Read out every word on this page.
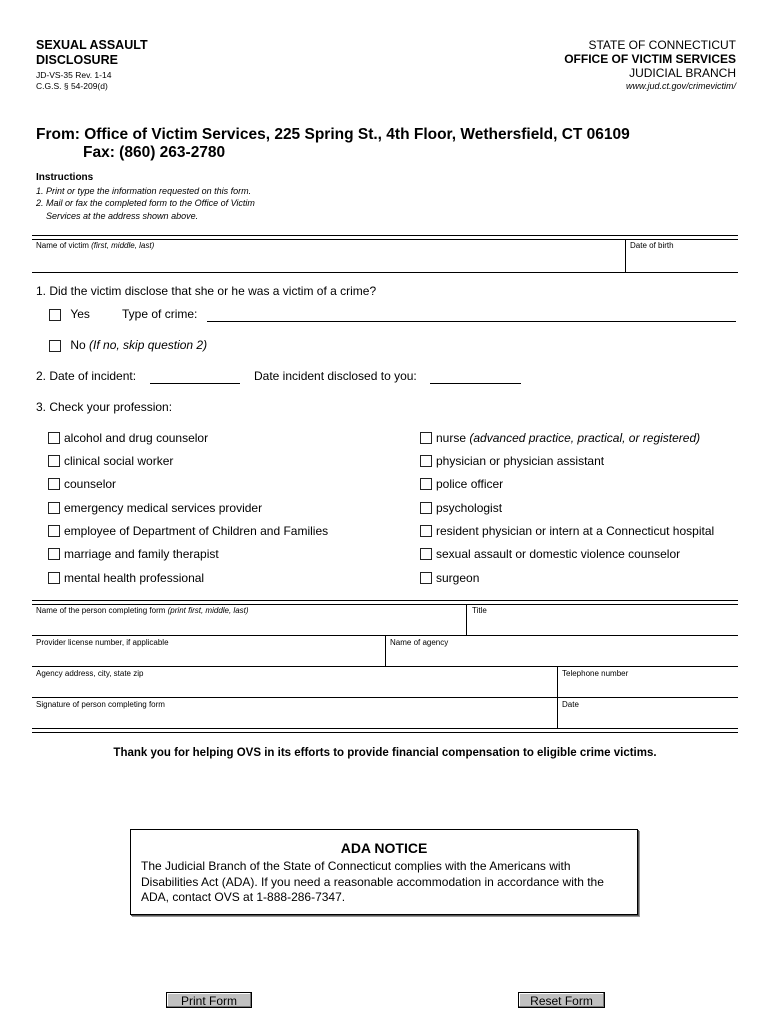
SEXUAL ASSAULT
DISCLOSURE
JD-VS-35 Rev. 1-14
C.G.S. § 54-209(d)
STATE OF CONNECTICUT
OFFICE OF VICTIM SERVICES
JUDICIAL BRANCH
www.jud.ct.gov/crimevictim/
From: Office of Victim Services, 225 Spring St., 4th Floor, Wethersfield, CT 06109
Fax: (860) 263-2780
Instructions
1. Print or type the information requested on this form.
2. Mail or fax the completed form to the Office of Victim
Services at the address shown above.
Name of victim (first, middle, last)	Date of birth
1. Did the victim disclose that she or he was a victim of a crime?
Yes	Type of crime:
No (If no, skip question 2)
2. Date of incident:	Date incident disclosed to you:
3. Check your profession:
alcohol and drug counselor
clinical social worker
counselor
emergency medical services provider
employee of Department of Children and Families
marriage and family therapist
mental health professional
nurse (advanced practice, practical, or registered)
physician or physician assistant
police officer
psychologist
resident physician or intern at a Connecticut hospital
sexual assault or domestic violence counselor
surgeon
Name of the person completing form (print first, middle, last)	Title
Provider license number, if applicable	Name of agency
Agency address, city, state zip	Telephone number
Signature of person completing form	Date
Thank you for helping OVS in its efforts to provide financial compensation to eligible crime victims.
ADA NOTICE
The Judicial Branch of the State of Connecticut complies with the Americans with Disabilities Act (ADA). If you need a reasonable accommodation in accordance with the ADA, contact OVS at 1-888-286-7347.
Print Form	Reset Form
